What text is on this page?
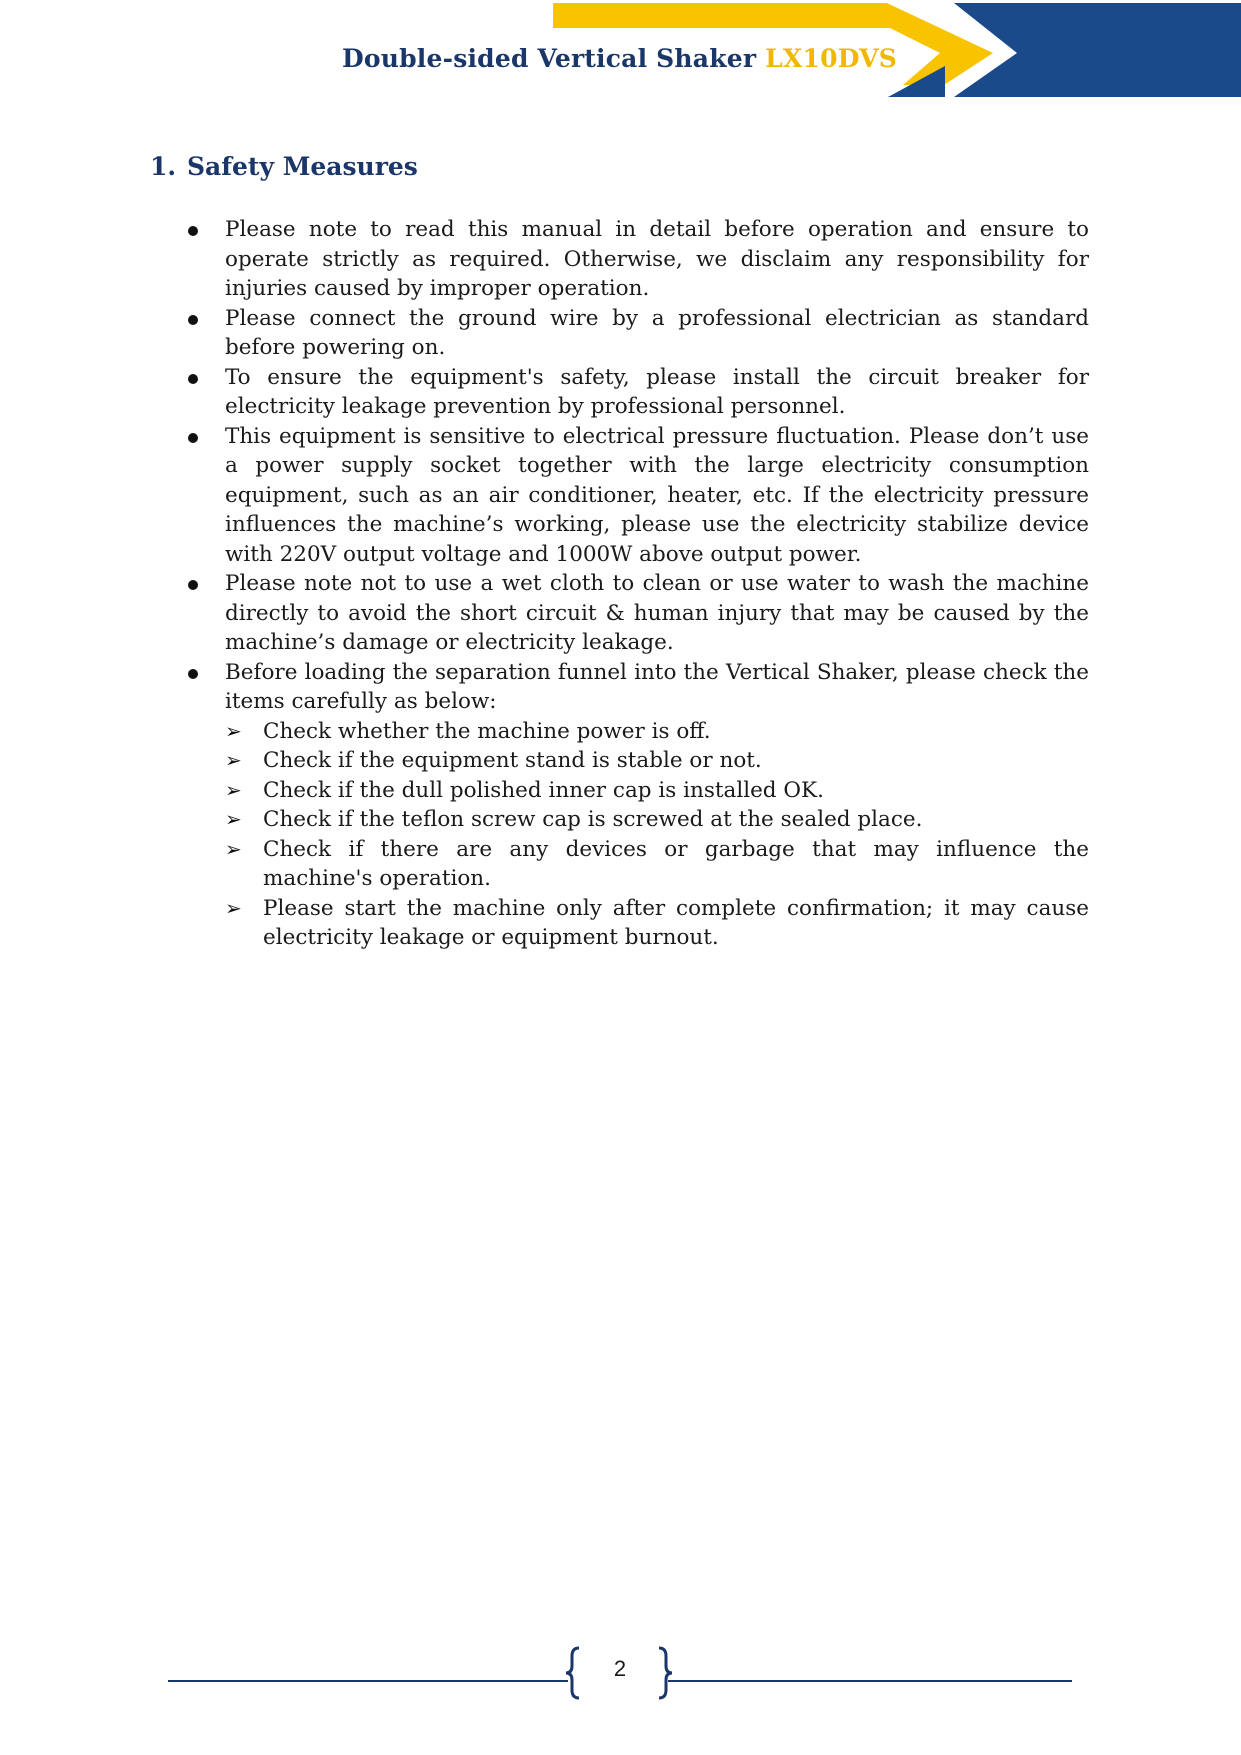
Double-sided Vertical Shaker LX10DVS
1. Safety Measures
Please note to read this manual in detail before operation and ensure to operate strictly as required. Otherwise, we disclaim any responsibility for injuries caused by improper operation.
Please connect the ground wire by a professional electrician as standard before powering on.
To ensure the equipment's safety, please install the circuit breaker for electricity leakage prevention by professional personnel.
This equipment is sensitive to electrical pressure fluctuation. Please don’t use a power supply socket together with the large electricity consumption equipment, such as an air conditioner, heater, etc. If the electricity pressure influences the machine’s working, please use the electricity stabilize device with 220V output voltage and 1000W above output power.
Please note not to use a wet cloth to clean or use water to wash the machine directly to avoid the short circuit & human injury that may be caused by the machine’s damage or electricity leakage.
Before loading the separation funnel into the Vertical Shaker, please check the items carefully as below:
➢ Check whether the machine power is off.
➢ Check if the equipment stand is stable or not.
➢ Check if the dull polished inner cap is installed OK.
➢ Check if the teflon screw cap is screwed at the sealed place.
➢ Check if there are any devices or garbage that may influence the machine's operation.
➢ Please start the machine only after complete confirmation; it may cause electricity leakage or equipment burnout.
2
